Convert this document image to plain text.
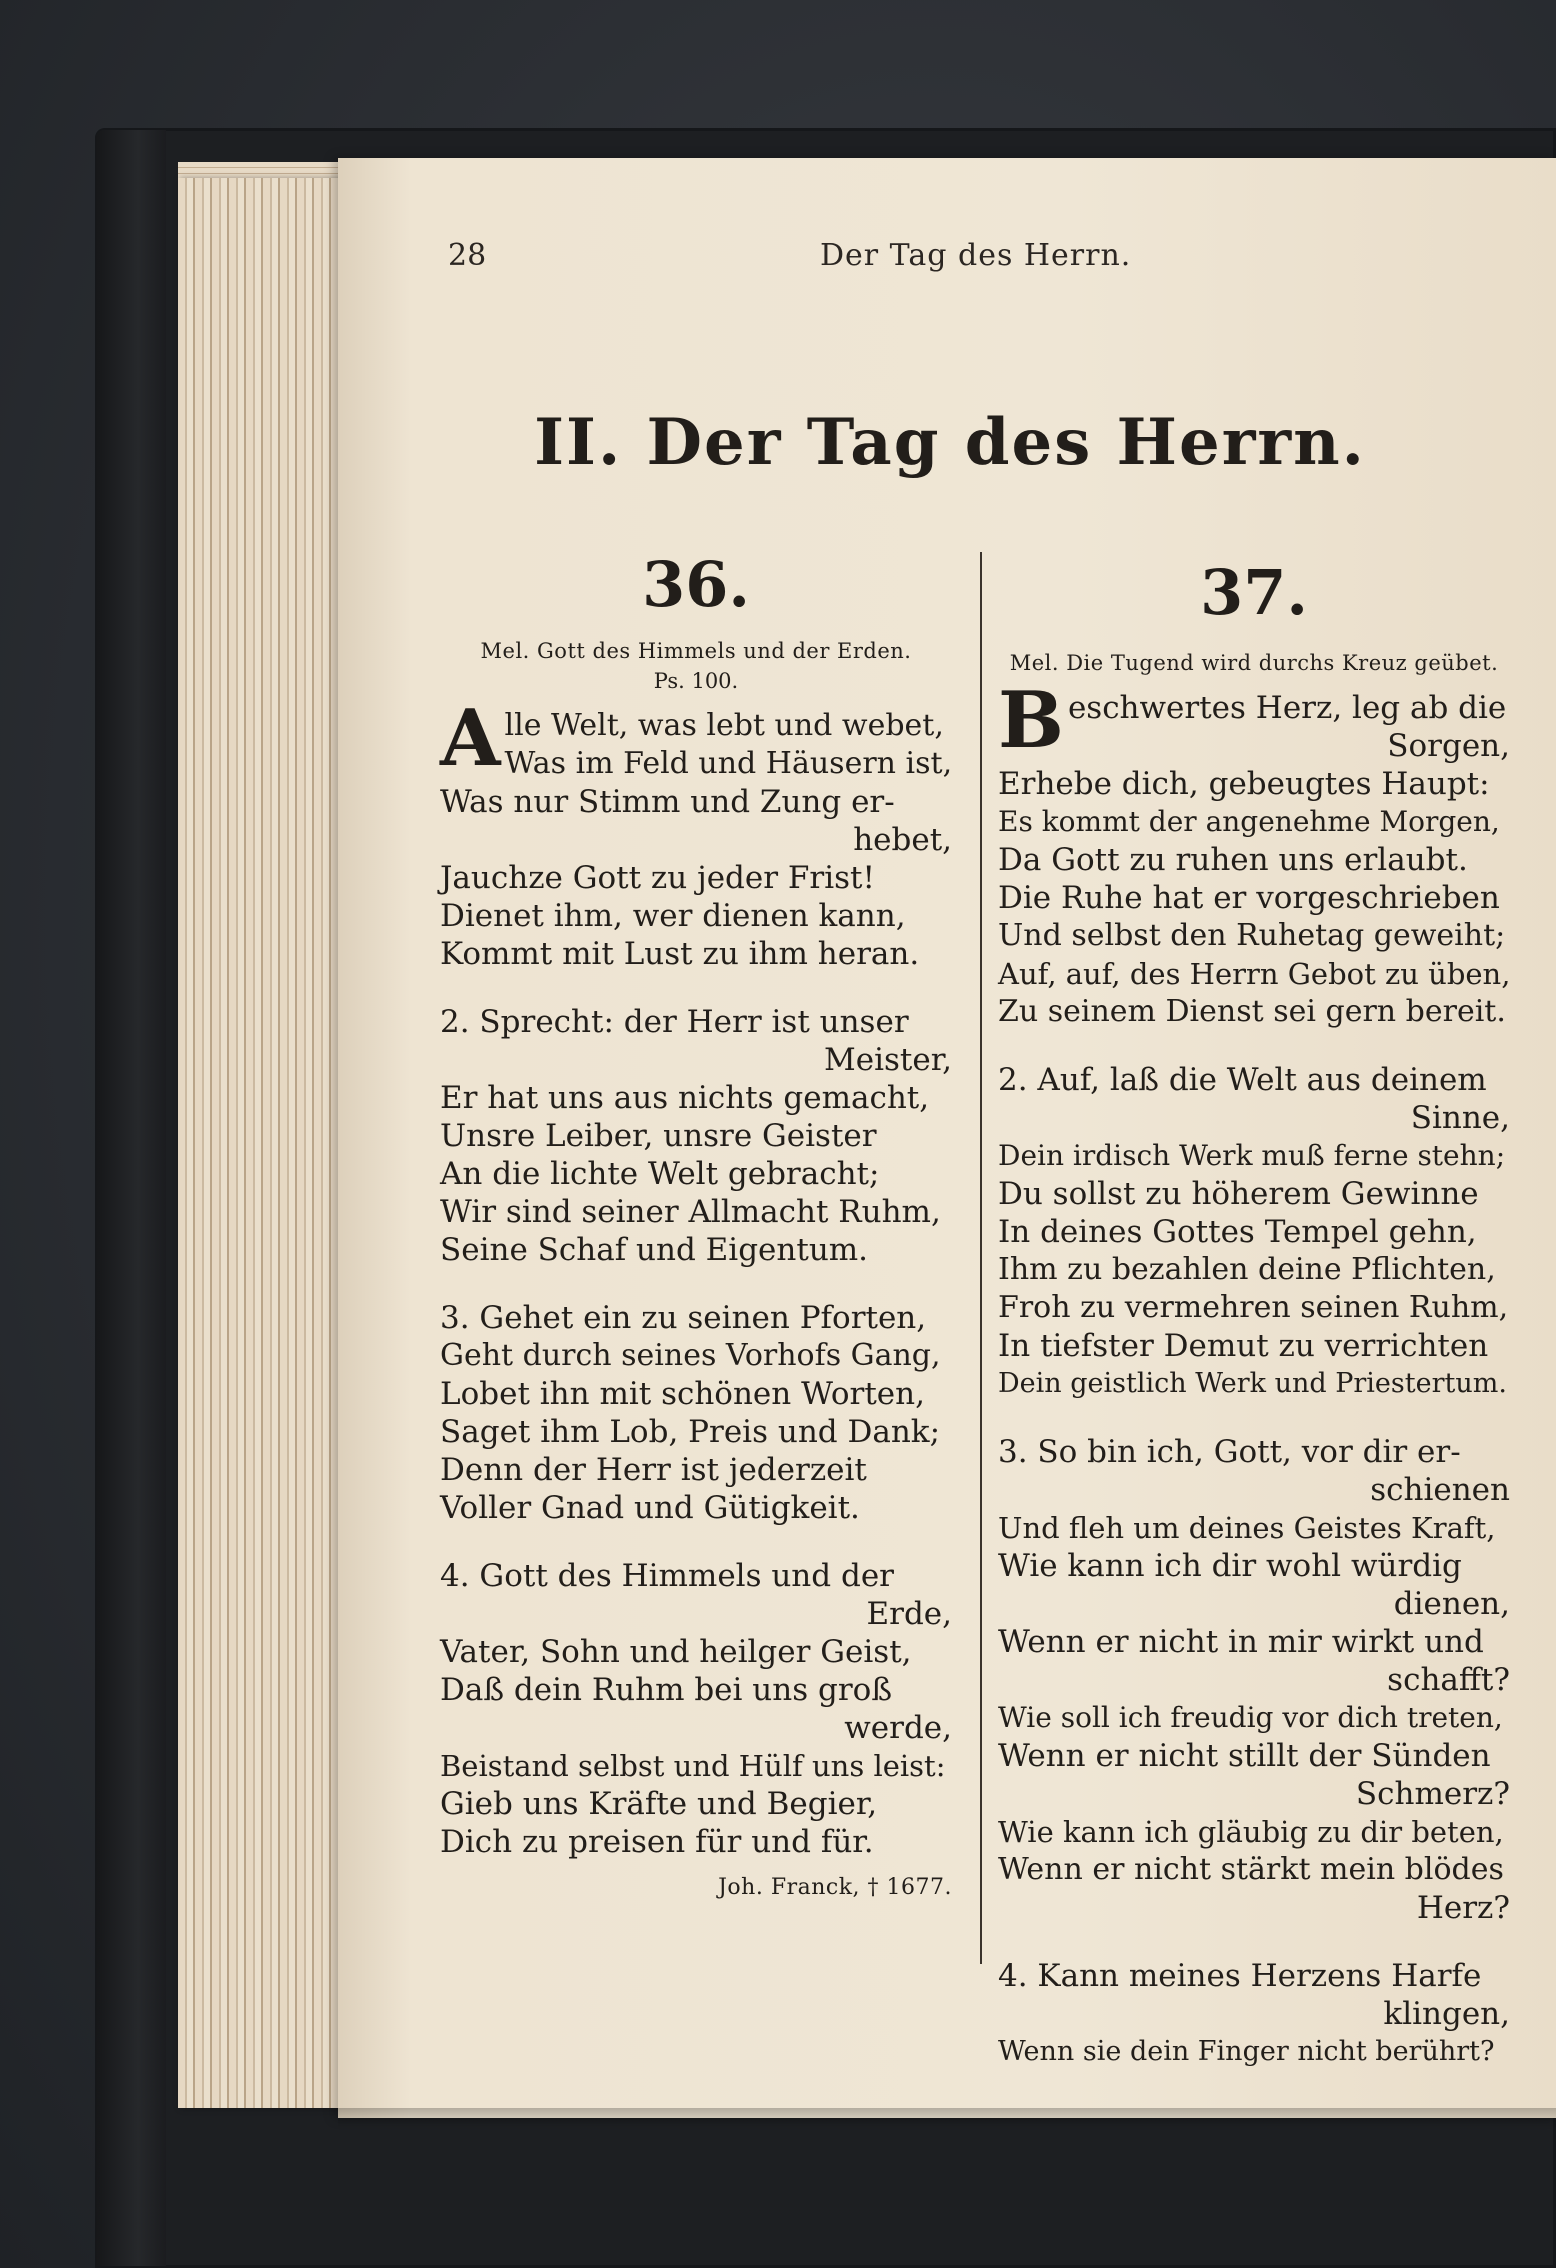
28	Der Tag des Herrn.
II. Der Tag des Herrn.
36.
Mel. Gott des Himmels und der Erden.
Ps. 100.
A lle Welt, was lebt und webet,
Was im Feld und Häusern ist,
Was nur Stimm und Zung er-
hebet,
Jauchze Gott zu jeder Frist!
Dienet ihm, wer dienen kann,
Kommt mit Lust zu ihm heran.
2. Sprecht: der Herr ist unser
Meister,
Er hat uns aus nichts gemacht,
Unsre Leiber, unsre Geister
An die lichte Welt gebracht;
Wir sind seiner Allmacht Ruhm,
Seine Schaf und Eigentum.
3. Gehet ein zu seinen Pforten,
Geht durch seines Vorhofs Gang,
Lobet ihn mit schönen Worten,
Saget ihm Lob, Preis und Dank;
Denn der Herr ist jederzeit
Voller Gnad und Gütigkeit.
4. Gott des Himmels und der
Erde,
Vater, Sohn und heilger Geist,
Daß dein Ruhm bei uns groß
werde,
Beistand selbst und Hülf uns leist:
Gieb uns Kräfte und Begier,
Dich zu preisen für und für.
Joh. Franck, † 1677.
37.
Mel. Die Tugend wird durchs Kreuz geübet.
B eschwertes Herz, leg ab die
Sorgen,
Erhebe dich, gebeugtes Haupt:
Es kommt der angenehme Morgen,
Da Gott zu ruhen uns erlaubt.
Die Ruhe hat er vorgeschrieben
Und selbst den Ruhetag geweiht;
Auf, auf, des Herrn Gebot zu üben,
Zu seinem Dienst sei gern bereit.
2. Auf, laß die Welt aus deinem
Sinne,
Dein irdisch Werk muß ferne stehn;
Du sollst zu höherem Gewinne
In deines Gottes Tempel gehn,
Ihm zu bezahlen deine Pflichten,
Froh zu vermehren seinen Ruhm,
In tiefster Demut zu verrichten
Dein geistlich Werk und Priestertum.
3. So bin ich, Gott, vor dir er-
schienen
Und fleh um deines Geistes Kraft,
Wie kann ich dir wohl würdig
dienen,
Wenn er nicht in mir wirkt und
schafft?
Wie soll ich freudig vor dich treten,
Wenn er nicht stillt der Sünden
Schmerz?
Wie kann ich gläubig zu dir beten,
Wenn er nicht stärkt mein blödes
Herz?
4. Kann meines Herzens Harfe
klingen,
Wenn sie dein Finger nicht berührt?
